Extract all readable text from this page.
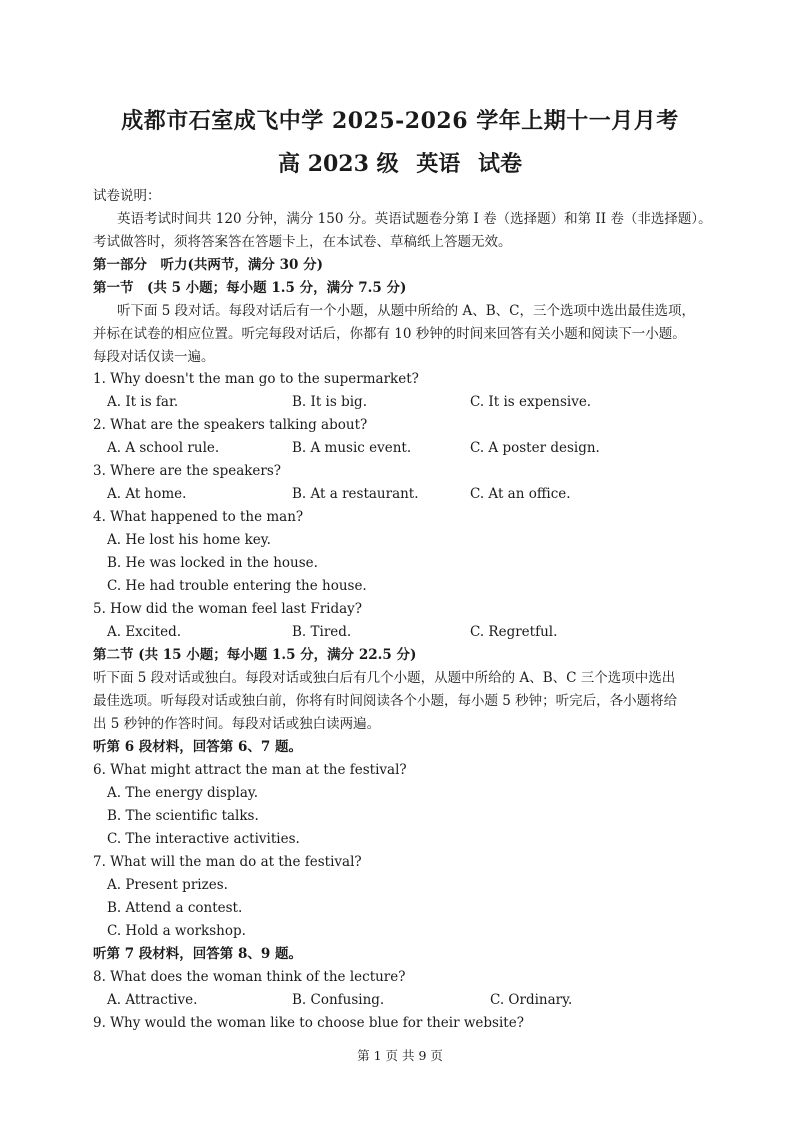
成都市石室成飞中学 2025-2026 学年上期十一月月考
高 2023 级 英语 试卷
试卷说明：
英语考试时间共 120 分钟，满分 150 分。英语试题卷分第 I 卷（选择题）和第 II 卷（非选择题）。
考试做答时，须将答案答在答题卡上，在本试卷、草稿纸上答题无效。
第一部分　听力(共两节，满分 30 分)
第一节　(共 5 小题；每小题 1.5 分，满分 7.5 分)
听下面 5 段对话。每段对话后有一个小题，从题中所给的 A、B、C，三个选项中选出最佳选项，
并标在试卷的相应位置。听完每段对话后，你都有 10 秒钟的时间来回答有关小题和阅读下一小题。
每段对话仅读一遍。
1. Why doesn't the man go to the supermarket?
A. It is far.	B. It is big.	C. It is expensive.
2. What are the speakers talking about?
A. A school rule.	B. A music event.	C. A poster design.
3. Where are the speakers?
A. At home.	B. At a restaurant.	C. At an office.
4. What happened to the man?
A. He lost his home key.
B. He was locked in the house.
C. He had trouble entering the house.
5. How did the woman feel last Friday?
A. Excited.	B. Tired.	C. Regretful.
第二节 (共 15 小题；每小题 1.5 分，满分 22.5 分)
听下面 5 段对话或独白。每段对话或独白后有几个小题，从题中所给的 A、B、C 三个选项中选出
最佳选项。听每段对话或独白前，你将有时间阅读各个小题，每小题 5 秒钟；听完后，各小题将给
出 5 秒钟的作答时间。每段对话或独白读两遍。
听第 6 段材料，回答第 6、7 题。
6. What might attract the man at the festival?
A. The energy display.
B. The scientific talks.
C. The interactive activities.
7. What will the man do at the festival?
A. Present prizes.
B. Attend a contest.
C. Hold a workshop.
听第 7 段材料，回答第 8、9 题。
8. What does the woman think of the lecture?
A. Attractive.	B. Confusing.	C. Ordinary.
9. Why would the woman like to choose blue for their website?
第 1 页 共 9 页
